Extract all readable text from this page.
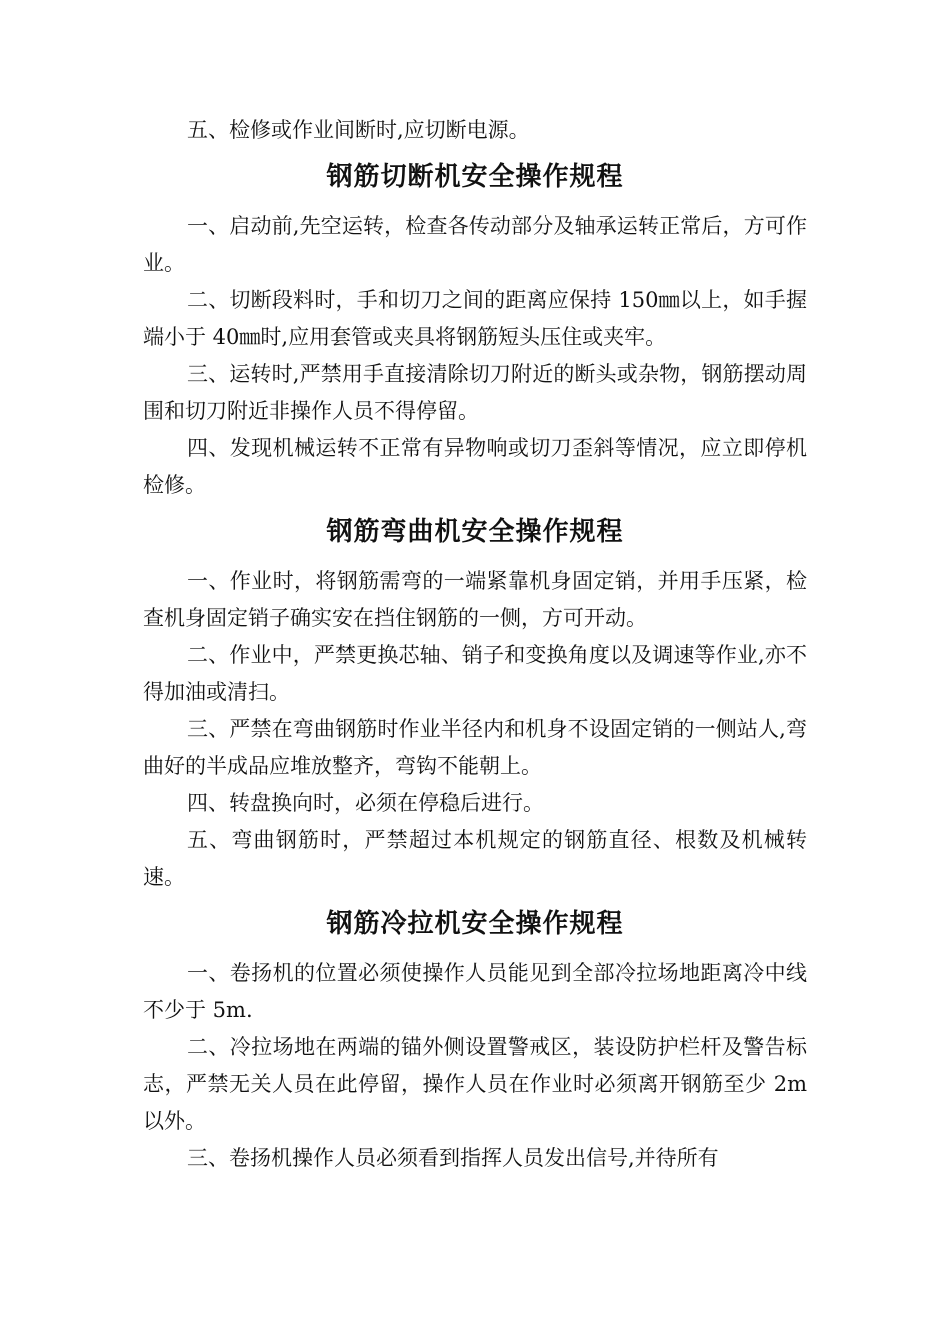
五、检修或作业间断时,应切断电源。

钢筋切断机安全操作规程

一、启动前,先空运转，检查各传动部分及轴承运转正常后，方可作业。

二、切断段料时，手和切刀之间的距离应保持 150㎜以上，如手握端小于 40㎜时,应用套管或夹具将钢筋短头压住或夹牢。

三、运转时,严禁用手直接清除切刀附近的断头或杂物，钢筋摆动周围和切刀附近非操作人员不得停留。

四、发现机械运转不正常有异物响或切刀歪斜等情况，应立即停机检修。

钢筋弯曲机安全操作规程

一、作业时，将钢筋需弯的一端紧靠机身固定销，并用手压紧，检查机身固定销子确实安在挡住钢筋的一侧，方可开动。

二、作业中，严禁更换芯轴、销子和变换角度以及调速等作业,亦不得加油或清扫。

三、严禁在弯曲钢筋时作业半径内和机身不设固定销的一侧站人,弯曲好的半成品应堆放整齐，弯钩不能朝上。

四、转盘换向时，必须在停稳后进行。

五、弯曲钢筋时，严禁超过本机规定的钢筋直径、根数及机械转速。

钢筋冷拉机安全操作规程

一、卷扬机的位置必须使操作人员能见到全部冷拉场地距离冷中线不少于 5m.

二、冷拉场地在两端的锚外侧设置警戒区，装设防护栏杆及警告标志，严禁无关人员在此停留，操作人员在作业时必须离开钢筋至少 2m 以外。

三、卷扬机操作人员必须看到指挥人员发出信号,并待所有
